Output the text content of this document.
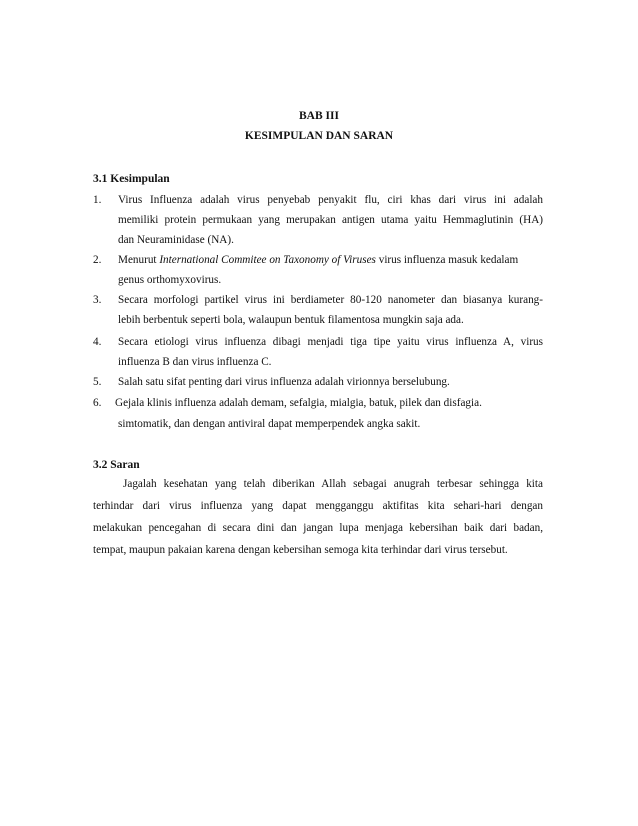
BAB III
KESIMPULAN DAN SARAN
3.1 Kesimpulan
1. Virus Influenza adalah virus penyebab penyakit flu, ciri khas dari virus ini adalah
memiliki protein permukaan yang merupakan antigen utama yaitu Hemmaglutinin (HA)
dan Neuraminidase (NA).
2. Menurut International Commitee on Taxonomy of Viruses virus influenza masuk kedalam
genus orthomyxovirus.
3. Secara morfologi partikel virus ini berdiameter 80-120 nanometer dan biasanya kurang-
lebih berbentuk seperti bola, walaupun bentuk filamentosa mungkin saja ada.
4. Secara etiologi virus influenza dibagi menjadi tiga tipe yaitu virus influenza A, virus
influenza B dan virus influenza C.
5. Salah satu sifat penting dari virus influenza adalah virionnya berselubung.
6. Gejala klinis influenza adalah demam, sefalgia, mialgia, batuk, pilek dan disfagia.
simtomatik, dan dengan antiviral dapat memperpendek angka sakit.
3.2 Saran
Jagalah kesehatan yang telah diberikan Allah sebagai anugrah terbesar sehingga kita
terhindar dari virus influenza yang dapat mengganggu aktifitas kita sehari-hari dengan
melakukan pencegahan di secara dini dan jangan lupa menjaga kebersihan baik dari badan,
tempat, maupun pakaian karena dengan kebersihan semoga kita terhindar dari virus tersebut.
